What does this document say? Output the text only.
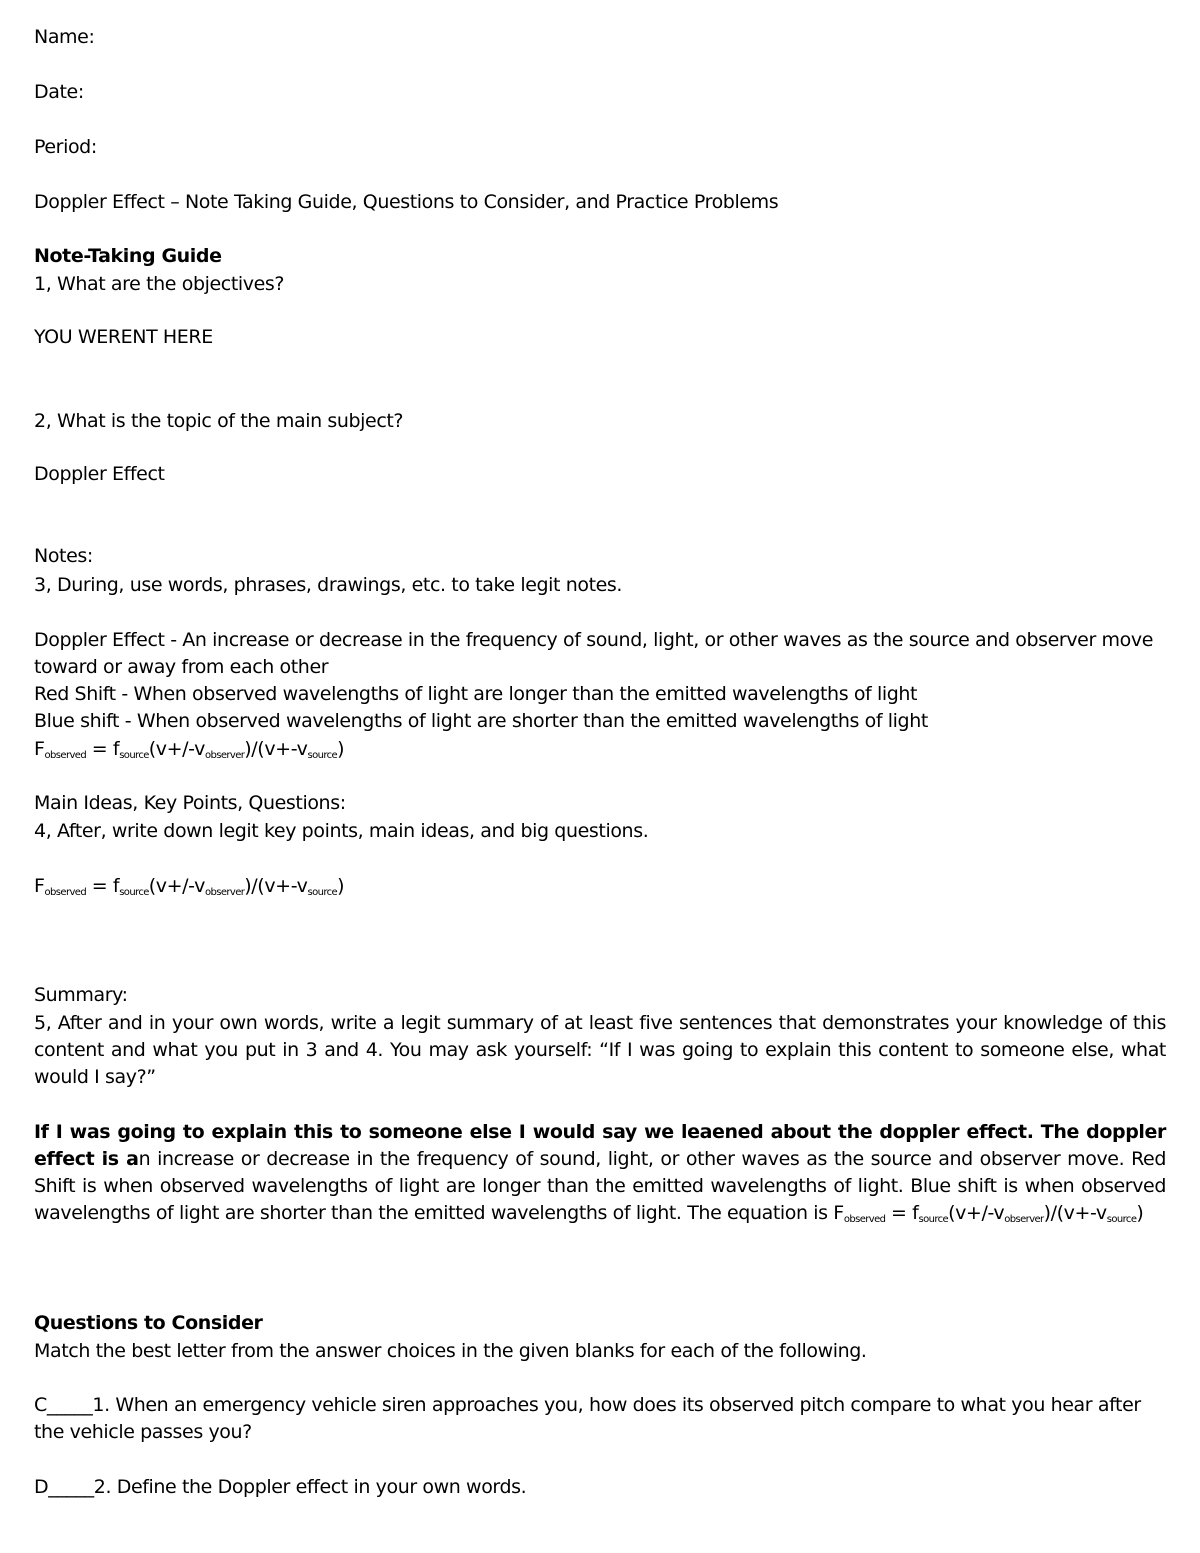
Name:
Date:
Period:
Doppler Effect – Note Taking Guide, Questions to Consider, and Practice Problems
Note-Taking Guide
1, What are the objectives?
YOU WERENT HERE
2, What is the topic of the main subject?
Doppler Effect
Notes:
3, During, use words, phrases, drawings, etc. to take legit notes.
Doppler Effect - An increase or decrease in the frequency of sound, light, or other waves as the source and observer move toward or away from each other
Red Shift - When observed wavelengths of light are longer than the emitted wavelengths of light
Blue shift - When observed wavelengths of light are shorter than the emitted wavelengths of light
$F_{observed} = f_{source}(v+/-v_{observer})/(v+-v_{source})$
Main Ideas, Key Points, Questions:
4, After, write down legit key points, main ideas, and big questions.
$F_{observed} = f_{source}(v+/-v_{observer})/(v+-v_{source})$
Summary:
5, After and in your own words, write a legit summary of at least five sentences that demonstrates your knowledge of this content and what you put in 3 and 4. You may ask yourself: “If I was going to explain this content to someone else, what would I say?”
If I was going to explain this to someone else I would say we leaened about the doppler effect. The doppler effect is an increase or decrease in the frequency of sound, light, or other waves as the source and observer move. Red Shift is when observed wavelengths of light are longer than the emitted wavelengths of light. Blue shift is when observed wavelengths of light are shorter than the emitted wavelengths of light. The equation is $F_{observed} = f_{source}(v+/-v_{observer})/(v+-v_{source})$
Questions to Consider
Match the best letter from the answer choices in the given blanks for each of the following.
C_____1. When an emergency vehicle siren approaches you, how does its observed pitch compare to what you hear after the vehicle passes you?
D_____2. Define the Doppler effect in your own words.
